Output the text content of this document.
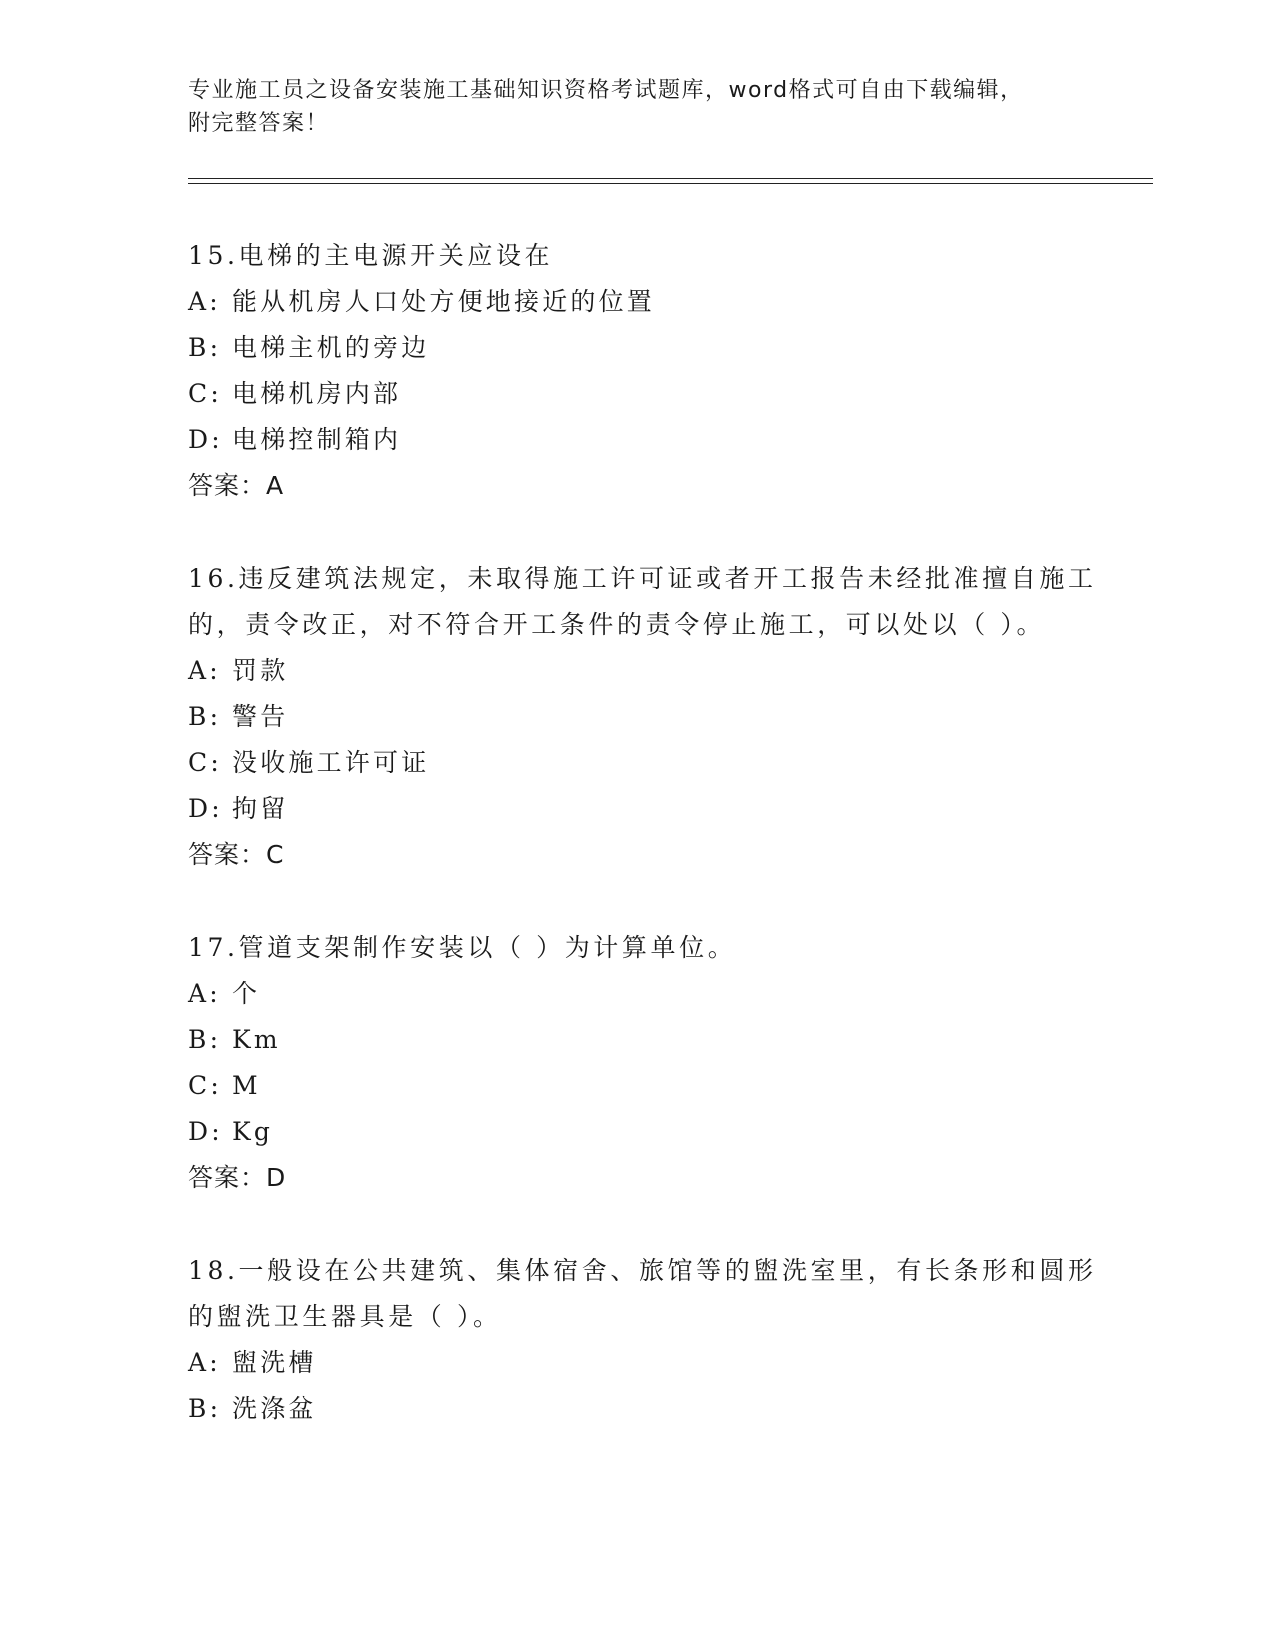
专业施工员之设备安装施工基础知识资格考试题库，word格式可自由下载编辑，
附完整答案！

15.电梯的主电源开关应设在

A: 能从机房人口处方便地接近的位置

B: 电梯主机的旁边

C: 电梯机房内部

D: 电梯控制箱内

答案：A

16.违反建筑法规定，未取得施工许可证或者开工报告未经批准擅自施工的，责令改正，对不符合开工条件的责令停止施工，可以处以（ ）。

A: 罚款

B: 警告

C: 没收施工许可证

D: 拘留

答案：C

17.管道支架制作安装以（ ）为计算单位。

A: 个

B: Km

C: M

D: Kg

答案：D

18.一般设在公共建筑、集体宿舍、旅馆等的盥洗室里，有长条形和圆形的盥洗卫生器具是（ ）。

A: 盥洗槽

B: 洗涤盆
